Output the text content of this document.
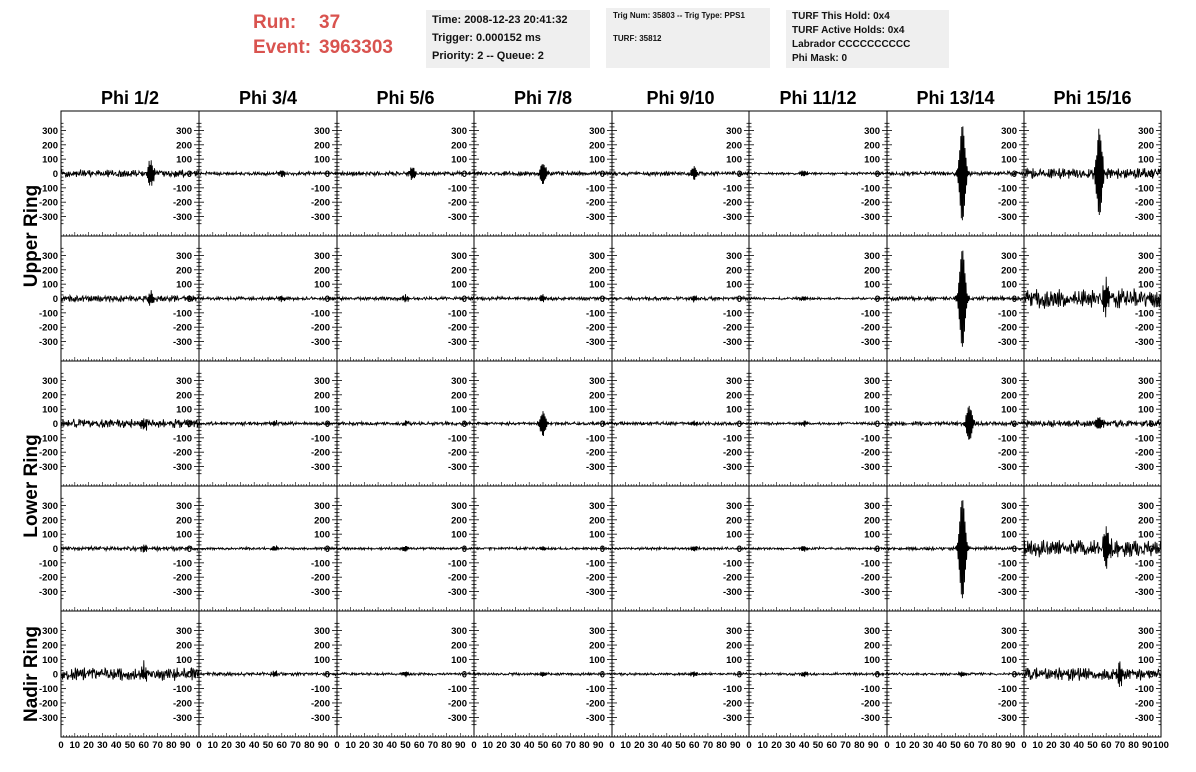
Run: 37
Event: 3963303
Time: 2008-12-23 20:41:32
Trigger: 0.000152 ms
Priority: 2 -- Queue: 2
Trig Num: 35803 -- Trig Type: PPS1
TURF: 35812
TURF This Hold: 0x4
TURF Active Holds: 0x4
Labrador CCCCCCCCCC
Phi Mask: 0
Phi 1/2	Phi 3/4	Phi 5/6	Phi 7/8	Phi 9/10	Phi 11/12	Phi 13/14	Phi 15/16
Upper Ring
Lower Ring
Nadir Ring
300
200
100
0
-100
-200
-300
300
200
100
0
-100
-200
-300
300
200
100
0
-100
-200
-300
300
200
100
0
-100
-200
-300
300
200
100
0
-100
-200
-300
300
200
100
0
-100
-200
-300
300
200
100
0
-100
-200
-300
300
200
100
0
-100
-200
-300
300
200
100
0
-100
-200
-300
300
200
100
0
-100
-200
-300
300
200
100
0
-100
-200
-300
300
200
100
0
-100
-200
-300
300
200
100
0
-100
-200
-300
300
200
100
0
-100
-200
-300
300
200
100
0
-100
-200
-300
300
200
100
0
-100
-200
-300
300
200
100
0
-100
-200
-300
300
200
100
0
-100
-200
-300
300
200
100
0
-100
-200
-300
300
200
100
0
-100
-200
-300
300
200
100
0
-100
-200
-300
300
200
100
0
-100
-200
-300
300
200
100
0
-100
-200
-300
300
200
100
0
-100
-200
-300
300
200
100
0
-100
-200
-300
300
200
100
0
-100
-200
-300
300
200
100
0
-100
-200
-300
300
200
100
0
-100
-200
-300
300
200
100
0
-100
-200
-300
300
200
100
0
-100
-200
-300
300
200
100
0
-100
-200
-300
300
200
100
0
-100
-200
-300
300
200
100
0
-100
-200
-300
300
200
100
0
-100
-200
-300
300
200
100
0
-100
-200
-300
300
200
100
0
-100
-200
-300
300
200
100
0
-100
-200
-300
300
200
100
0
-100
-200
-300
300
200
100
0
-100
-200
-300
300
200
100
0
-100
-200
-300
300
200
100
0
-100
-200
-300
300
200
100
0
-100
-200
-300
300
200
100
0
-100
-200
-300
300
200
100
0
-100
-200
-300
300
200
100
0
-100
-200
-300
0 10 20 30 40 50 60 70 80 90 0 10 20 30 40 50 60 70 80 90 0 10 20 30 40 50 60 70 80 90 0 10 20 30 40 50 60 70 80 90 0 10 20 30 40 50 60 70 80 90 0 10 20 30 40 50 60 70 80 90 0 10 20 30 40 50 60 70 80 90 0 10 20 30 40 50 60 70 80 90 100
